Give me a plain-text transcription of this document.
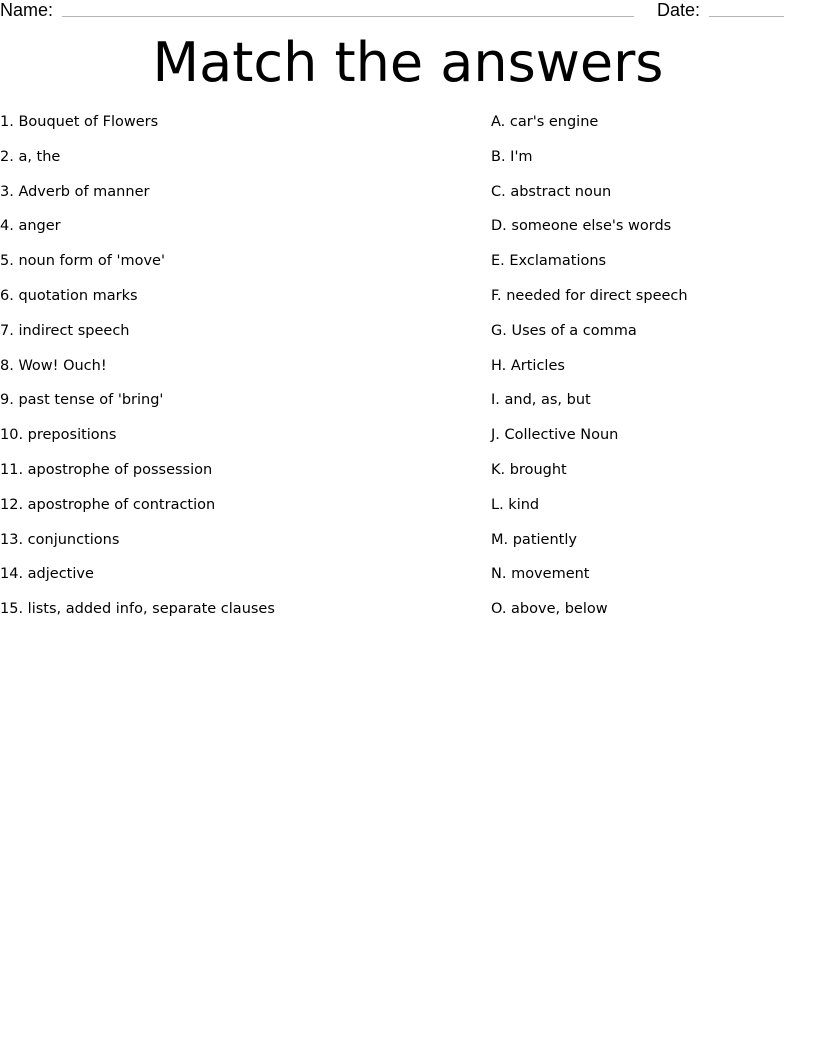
Name:	Date:
Match the answers
1. Bouquet of Flowers
2. a, the
3. Adverb of manner
4. anger
5. noun form of 'move'
6. quotation marks
7. indirect speech
8. Wow! Ouch!
9. past tense of 'bring'
10. prepositions
11. apostrophe of possession
12. apostrophe of contraction
13. conjunctions
14. adjective
15. lists, added info, separate clauses
A. car's engine
B. I'm
C. abstract noun
D. someone else's words
E. Exclamations
F. needed for direct speech
G. Uses of a comma
H. Articles
I. and, as, but
J. Collective Noun
K. brought
L. kind
M. patiently
N. movement
O. above, below
